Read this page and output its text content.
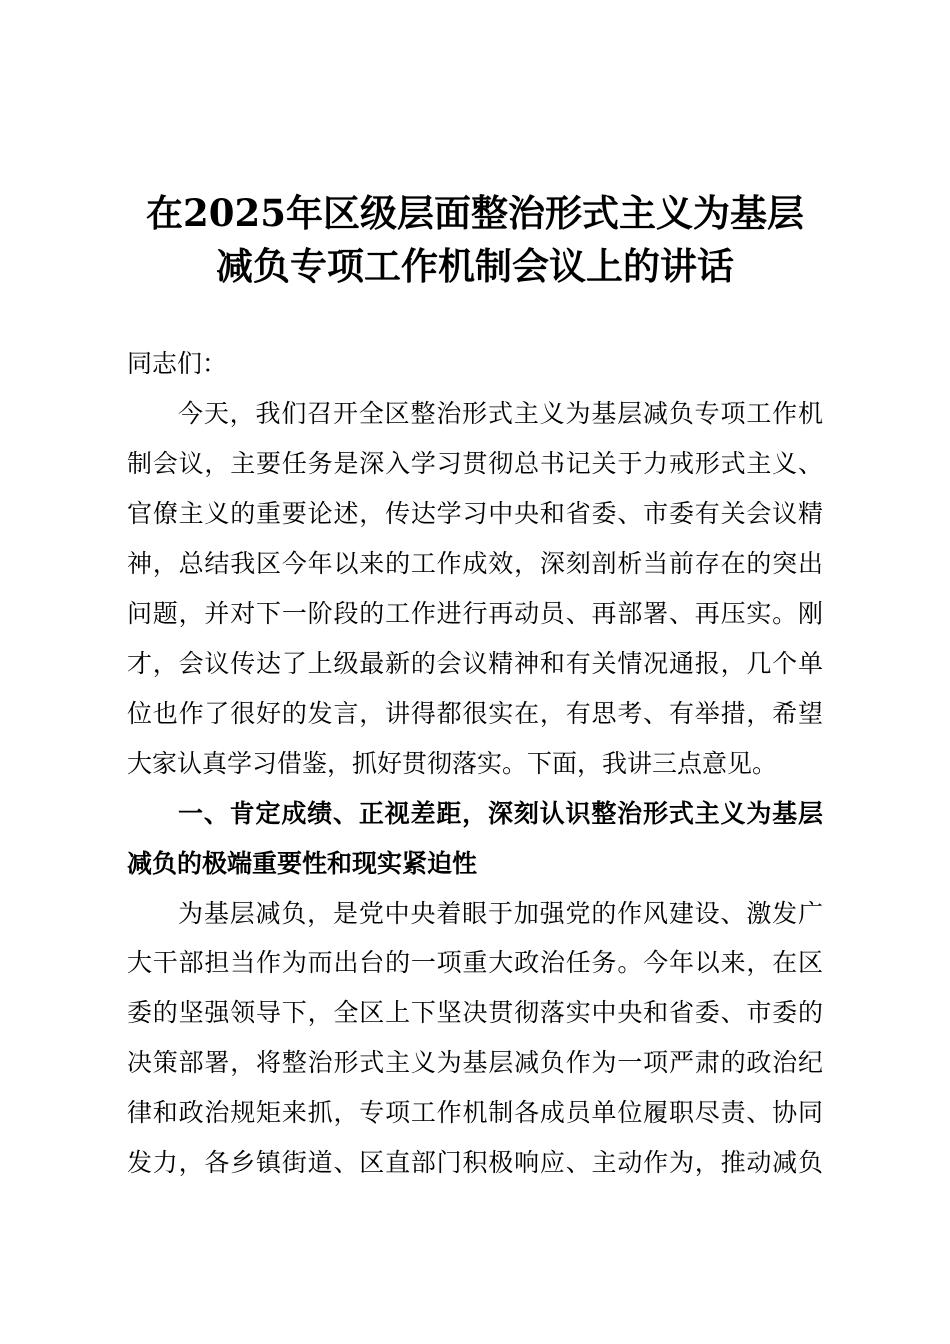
在2025年区级层面整治形式主义为基层
减负专项工作机制会议上的讲话
同志们：
今天，我们召开全区整治形式主义为基层减负专项工作机
制会议，主要任务是深入学习贯彻总书记关于力戒形式主义、
官僚主义的重要论述，传达学习中央和省委、市委有关会议精
神，总结我区今年以来的工作成效，深刻剖析当前存在的突出
问题，并对下一阶段的工作进行再动员、再部署、再压实。刚
才，会议传达了上级最新的会议精神和有关情况通报，几个单
位也作了很好的发言，讲得都很实在，有思考、有举措，希望
大家认真学习借鉴，抓好贯彻落实。下面，我讲三点意见。
一、肯定成绩、正视差距，深刻认识整治形式主义为基层
减负的极端重要性和现实紧迫性
为基层减负，是党中央着眼于加强党的作风建设、激发广
大干部担当作为而出台的一项重大政治任务。今年以来，在区
委的坚强领导下，全区上下坚决贯彻落实中央和省委、市委的
决策部署，将整治形式主义为基层减负作为一项严肃的政治纪
律和政治规矩来抓，专项工作机制各成员单位履职尽责、协同
发力，各乡镇街道、区直部门积极响应、主动作为，推动减负
